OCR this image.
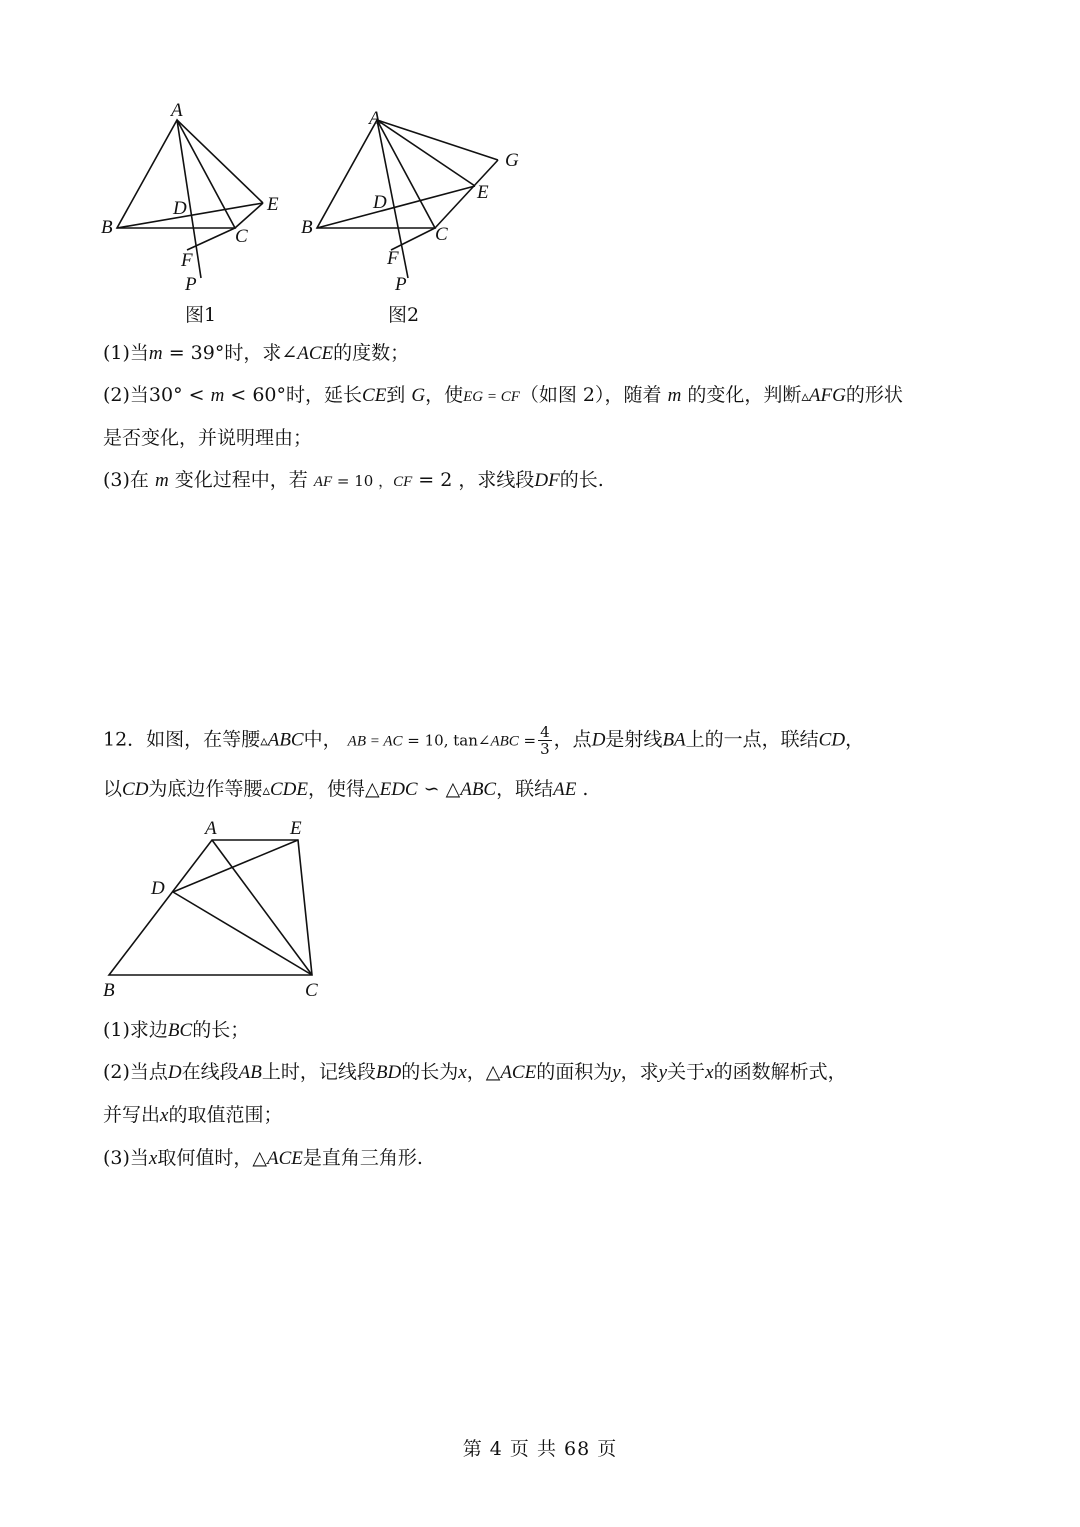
A
B	C
D	E
F
P
图1
A
B	C
D	E
F
G
P
图2
(1)当m = 39°时，求∠ACE的度数；
(2)当30° < m < 60°时，延长CE到 G，使EG = CF（如图 2），随着 m 的变化，判断▵AFG的形状
是否变化，并说明理由；
(3)在 m 变化过程中，若 AF = 10 ，CF = 2 ，求线段DF的长.
12．如图，在等腰▵ABC中， AB = AC = 10, tan∠ABC = $\frac{4}{3}$ ，点D是射线BA上的一点，联结CD，
以CD为底边作等腰▵CDE，使得△EDC ∽ △ABC，联结AE .
A	E
D
B	C
(1)求边BC的长；
(2)当点D在线段AB上时，记线段BD的长为x，△ACE的面积为y，求y关于x的函数解析式，
并写出x的取值范围；
(3)当x取何值时，△ACE是直角三角形.
第 4 页 共 68 页
